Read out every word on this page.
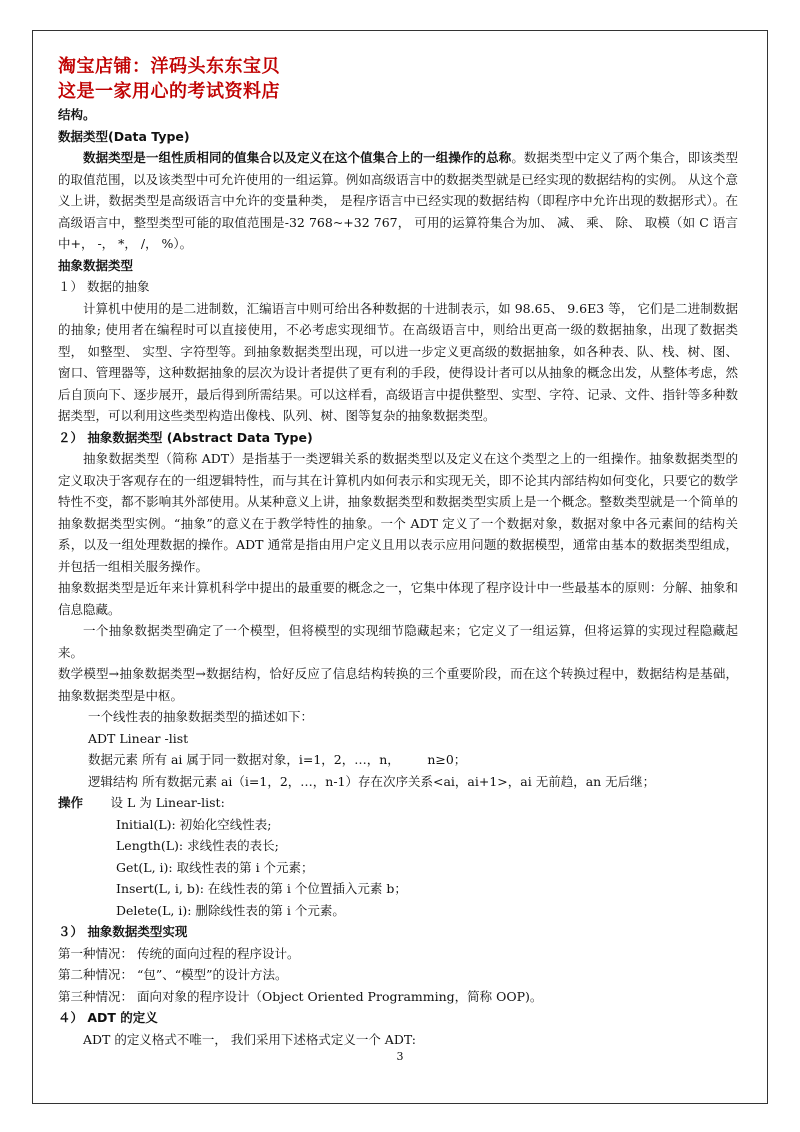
淘宝店铺：洋码头东东宝贝
这是一家用心的考试资料店

结构。

数据类型(Data Type)

数据类型是一组性质相同的值集合以及定义在这个值集合上的一组操作的总称。数据类型中定义了两个集合，即该类型的取值范围，以及该类型中可允许使用的一组运算。例如高级语言中的数据类型就是已经实现的数据结构的实例。 从这个意义上讲，数据类型是高级语言中允许的变量种类， 是程序语言中已经实现的数据结构（即程序中允许出现的数据形式）。在高级语言中，整型类型可能的取值范围是-32 768~+32 767， 可用的运算符集合为加、 减、 乘、 除、 取模（如 C 语言中+， -， *， /， %）。

抽象数据类型

１） 数据的抽象

计算机中使用的是二进制数，汇编语言中则可给出各种数据的十进制表示，如 98.65、 9.6E3 等， 它们是二进制数据的抽象; 使用者在编程时可以直接使用，不必考虑实现细节。在高级语言中，则给出更高一级的数据抽象，出现了数据类型， 如整型、 实型、字符型等。到抽象数据类型出现，可以进一步定义更高级的数据抽象，如各种表、队、栈、树、图、窗口、管理器等，这种数据抽象的层次为设计者提供了更有利的手段，使得设计者可以从抽象的概念出发，从整体考虑，然后自顶向下、逐步展开，最后得到所需结果。可以这样看，高级语言中提供整型、实型、字符、记录、文件、指针等多种数据类型，可以利用这些类型构造出像栈、队列、树、图等复杂的抽象数据类型。

２） 抽象数据类型 (Abstract Data Type)

抽象数据类型（简称 ADT）是指基于一类逻辑关系的数据类型以及定义在这个类型之上的一组操作。抽象数据类型的定义取决于客观存在的一组逻辑特性，而与其在计算机内如何表示和实现无关，即不论其内部结构如何变化，只要它的数学特性不变，都不影响其外部使用。从某种意义上讲，抽象数据类型和数据类型实质上是一个概念。整数类型就是一个简单的抽象数据类型实例。“抽象”的意义在于教学特性的抽象。一个 ADT 定义了一个数据对象，数据对象中各元素间的结构关系，以及一组处理数据的操作。ADT 通常是指由用户定义且用以表示应用问题的数据模型，通常由基本的数据类型组成，并包括一组相关服务操作。

抽象数据类型是近年来计算机科学中提出的最重要的概念之一，它集中体现了程序设计中一些最基本的原则：分解、抽象和信息隐藏。

一个抽象数据类型确定了一个模型，但将模型的实现细节隐藏起来；它定义了一组运算，但将运算的实现过程隐藏起来。

数学模型→抽象数据类型→数据结构，恰好反应了信息结构转换的三个重要阶段，而在这个转换过程中，数据结构是基础，抽象数据类型是中枢。

一个线性表的抽象数据类型的描述如下：

ADT Linear -list

数据元素 所有 ai 属于同一数据对象，i=1，2，…，n， n≥0；

逻辑结构 所有数据元素 ai（i=1，2，…，n-1）存在次序关系<ai，ai+1>，ai 无前趋，an 无后继；

操作 设 L 为 Linear-list:

Initial(L): 初始化空线性表;

Length(L): 求线性表的表长;

Get(L, i): 取线性表的第 i 个元素；

Insert(L, i, b): 在线性表的第 i 个位置插入元素 b；

Delete(L, i): 删除线性表的第 i 个元素。

３） 抽象数据类型实现

第一种情况： 传统的面向过程的程序设计。

第二种情况： “包”、“模型”的设计方法。

第三种情况： 面向对象的程序设计（Object Oriented Programming，简称 OOP)。

４） ADT 的定义

ADT 的定义格式不唯一， 我们采用下述格式定义一个 ADT:

3
